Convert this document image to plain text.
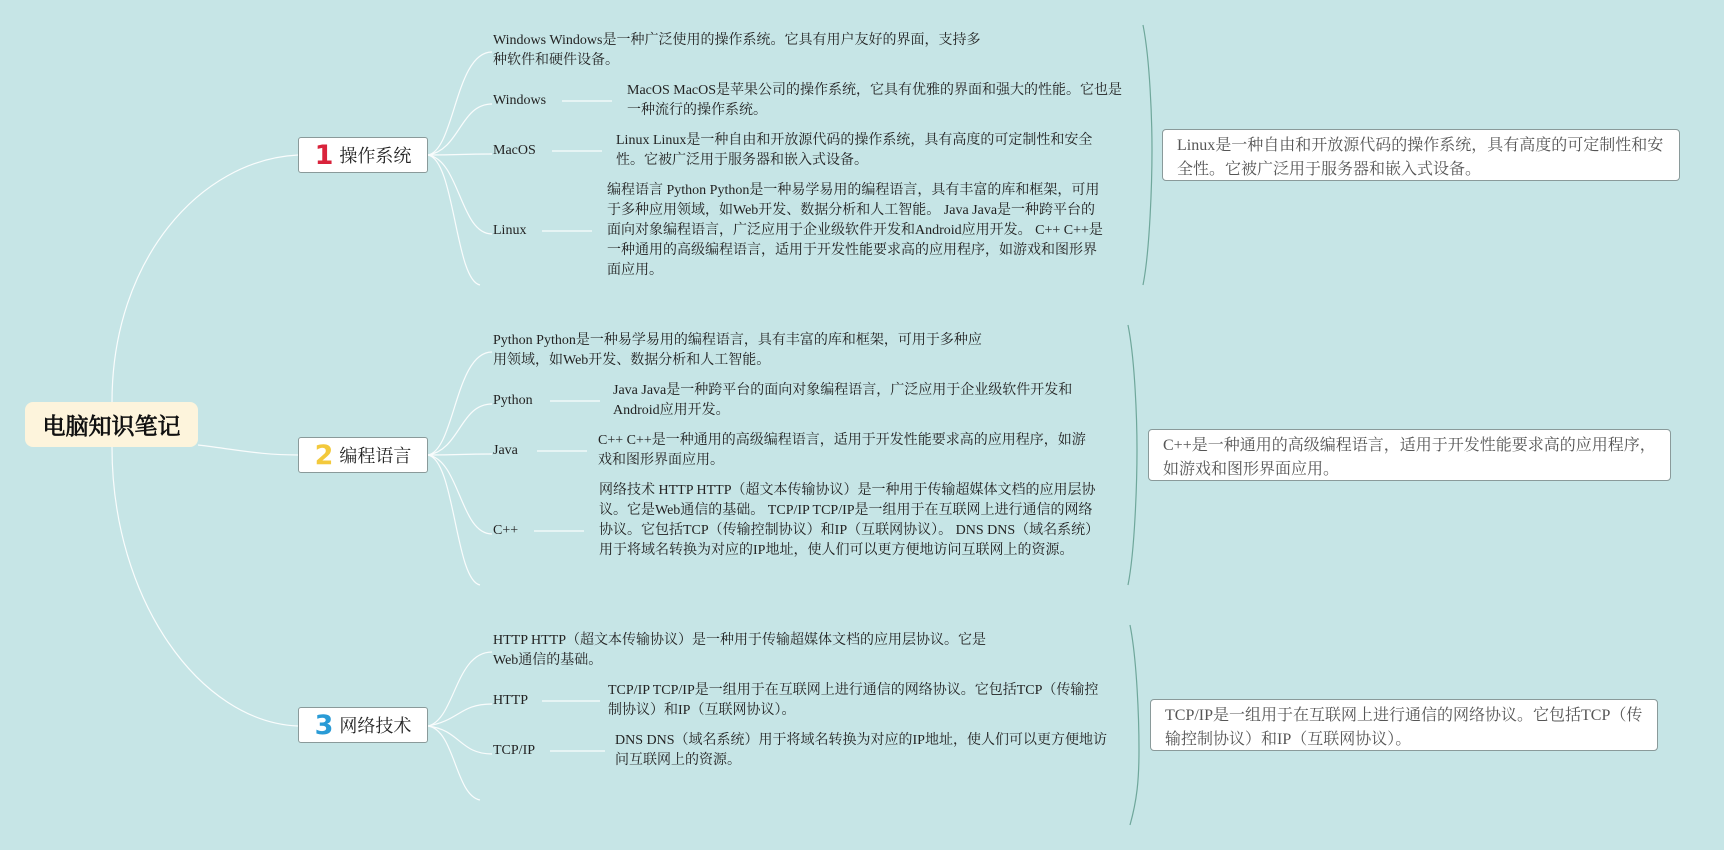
电脑知识笔记
1 操作系统
Windows Windows是一种广泛使用的操作系统。它具有用户友好的界面，支持多种软件和硬件设备。
Windows
MacOS MacOS是苹果公司的操作系统，它具有优雅的界面和强大的性能。它也是一种流行的操作系统。
MacOS
Linux Linux是一种自由和开放源代码的操作系统，具有高度的可定制性和安全性。它被广泛用于服务器和嵌入式设备。
Linux
编程语言 Python Python是一种易学易用的编程语言，具有丰富的库和框架，可用于多种应用领域，如Web开发、数据分析和人工智能。 Java Java是一种跨平台的面向对象编程语言，广泛应用于企业级软件开发和Android应用开发。 C++ C++是一种通用的高级编程语言，适用于开发性能要求高的应用程序，如游戏和图形界面应用。
Linux是一种自由和开放源代码的操作系统，具有高度的可定制性和安全性。它被广泛用于服务器和嵌入式设备。
2 编程语言
Python Python是一种易学易用的编程语言，具有丰富的库和框架，可用于多种应用领域，如Web开发、数据分析和人工智能。
Python
Java Java是一种跨平台的面向对象编程语言，广泛应用于企业级软件开发和Android应用开发。
Java
C++ C++是一种通用的高级编程语言，适用于开发性能要求高的应用程序，如游戏和图形界面应用。
C++
网络技术 HTTP HTTP（超文本传输协议）是一种用于传输超媒体文档的应用层协议。它是Web通信的基础。 TCP/IP TCP/IP是一组用于在互联网上进行通信的网络协议。它包括TCP（传输控制协议）和IP（互联网协议）。 DNS DNS（域名系统）用于将域名转换为对应的IP地址，使人们可以更方便地访问互联网上的资源。
C++是一种通用的高级编程语言，适用于开发性能要求高的应用程序，如游戏和图形界面应用。
3 网络技术
HTTP HTTP（超文本传输协议）是一种用于传输超媒体文档的应用层协议。它是Web通信的基础。
HTTP
TCP/IP TCP/IP是一组用于在互联网上进行通信的网络协议。它包括TCP（传输控制协议）和IP（互联网协议）。
TCP/IP
DNS DNS（域名系统）用于将域名转换为对应的IP地址，使人们可以更方便地访问互联网上的资源。
TCP/IP是一组用于在互联网上进行通信的网络协议。它包括TCP（传输控制协议）和IP（互联网协议）。
